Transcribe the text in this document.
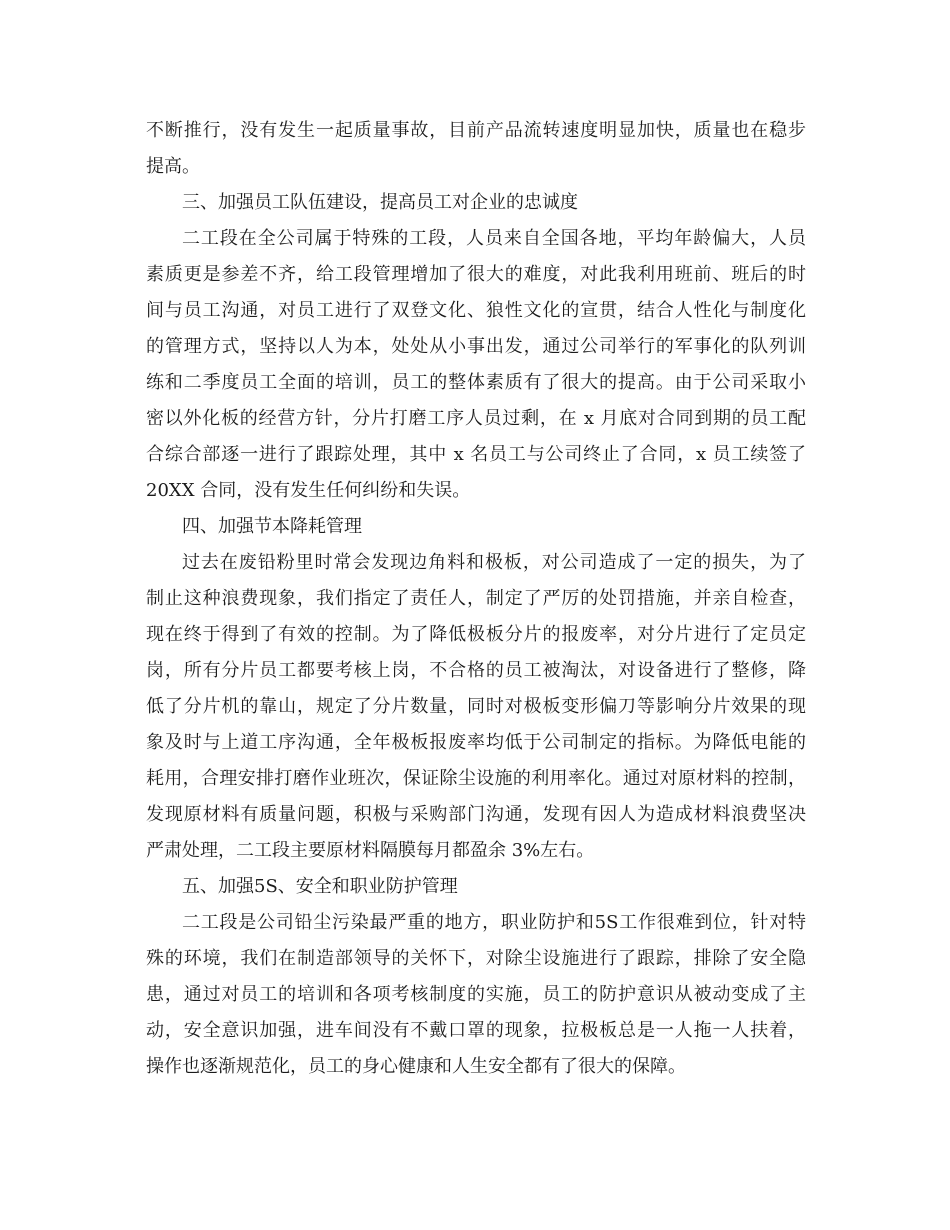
不断推行，没有发生一起质量事故，目前产品流转速度明显加快，质量也在稳步
提高。
三、加强员工队伍建设，提高员工对企业的忠诚度
二工段在全公司属于特殊的工段，人员来自全国各地，平均年龄偏大，人员
素质更是参差不齐，给工段管理增加了很大的难度，对此我利用班前、班后的时
间与员工沟通，对员工进行了双登文化、狼性文化的宣贯，结合人性化与制度化
的管理方式，坚持以人为本，处处从小事出发，通过公司举行的军事化的队列训
练和二季度员工全面的培训，员工的整体素质有了很大的提高。由于公司采取小
密以外化板的经营方针，分片打磨工序人员过剩，在 x 月底对合同到期的员工配
合综合部逐一进行了跟踪处理，其中 x 名员工与公司终止了合同，x 员工续签了
20XX 合同，没有发生任何纠纷和失误。
四、加强节本降耗管理
过去在废铅粉里时常会发现边角料和极板，对公司造成了一定的损失，为了
制止这种浪费现象，我们指定了责任人，制定了严厉的处罚措施，并亲自检查，
现在终于得到了有效的控制。为了降低极板分片的报废率，对分片进行了定员定
岗，所有分片员工都要考核上岗，不合格的员工被淘汰，对设备进行了整修，降
低了分片机的靠山，规定了分片数量，同时对极板变形偏刀等影响分片效果的现
象及时与上道工序沟通，全年极板报废率均低于公司制定的指标。为降低电能的
耗用，合理安排打磨作业班次，保证除尘设施的利用率化。通过对原材料的控制，
发现原材料有质量问题，积极与采购部门沟通，发现有因人为造成材料浪费坚决
严肃处理，二工段主要原材料隔膜每月都盈余 3%左右。
五、加强5S、安全和职业防护管理
二工段是公司铅尘污染最严重的地方，职业防护和5S工作很难到位，针对特
殊的环境，我们在制造部领导的关怀下，对除尘设施进行了跟踪，排除了安全隐
患，通过对员工的培训和各项考核制度的实施，员工的防护意识从被动变成了主
动，安全意识加强，进车间没有不戴口罩的现象，拉极板总是一人拖一人扶着，
操作也逐渐规范化，员工的身心健康和人生安全都有了很大的保障。
